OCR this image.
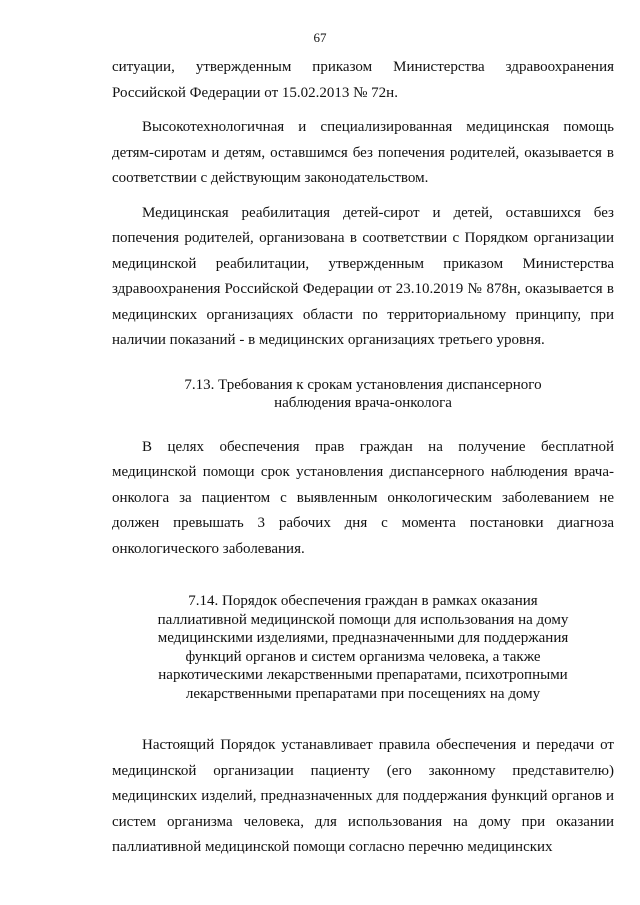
67

ситуации, утвержденным приказом Министерства здравоохранения Российской Федерации от 15.02.2013 № 72н.

Высокотехнологичная и специализированная медицинская помощь детям-сиротам и детям, оставшимся без попечения родителей, оказывается в соответствии с действующим законодательством.

Медицинская реабилитация детей-сирот и детей, оставшихся без попечения родителей, организована в соответствии с Порядком организации медицинской реабилитации, утвержденным приказом Министерства здравоохранения Российской Федерации от 23.10.2019 № 878н, оказывается в медицинских организациях области по территориальному принципу, при наличии показаний - в медицинских организациях третьего уровня.

7.13. Требования к срокам установления диспансерного
наблюдения врача-онколога

В целях обеспечения прав граждан на получение бесплатной медицинской помощи срок установления диспансерного наблюдения врача-онколога за пациентом с выявленным онкологическим заболеванием не должен превышать 3 рабочих дня с момента постановки диагноза онкологического заболевания.

7.14. Порядок обеспечения граждан в рамках оказания
паллиативной медицинской помощи для использования на дому
медицинскими изделиями, предназначенными для поддержания
функций органов и систем организма человека, а также
наркотическими лекарственными препаратами, психотропными
лекарственными препаратами при посещениях на дому

Настоящий Порядок устанавливает правила обеспечения и передачи от медицинской организации пациенту (его законному представителю) медицинских изделий, предназначенных для поддержания функций органов и систем организма человека, для использования на дому при оказании паллиативной медицинской помощи согласно перечню медицинских
